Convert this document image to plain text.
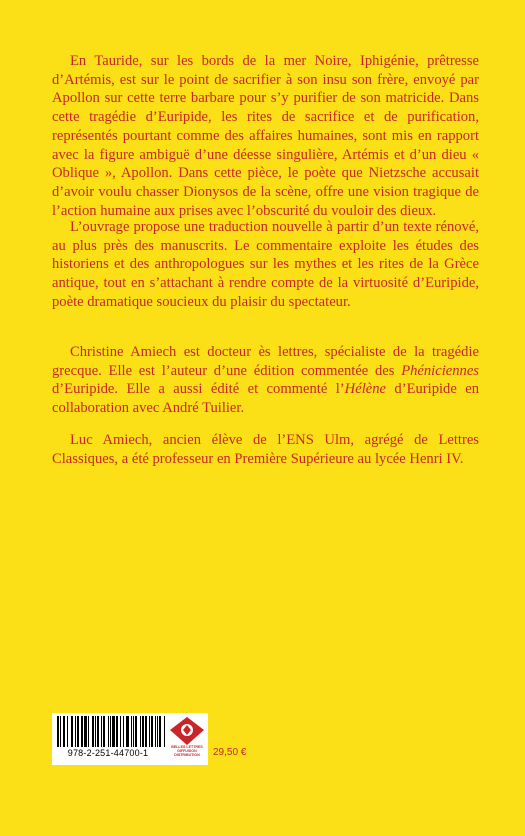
En Tauride, sur les bords de la mer Noire, Iphigénie, prêtresse d’Artémis, est sur le point de sacrifier à son insu son frère, envoyé par Apollon sur cette terre barbare pour s’y purifier de son matricide. Dans cette tragédie d’Euripide, les rites de sacrifice et de purification, représentés pourtant comme des affaires humaines, sont mis en rapport avec la figure ambiguë d’une déesse singulière, Artémis et d’un dieu « Oblique », Apollon. Dans cette pièce, le poète que Nietzsche accusait d’avoir voulu chasser Dionysos de la scène, offre une vision tragique de l’action humaine aux prises avec l’obscurité du vouloir des dieux.

L’ouvrage propose une traduction nouvelle à partir d’un texte rénové, au plus près des manuscrits. Le commentaire exploite les études des historiens et des anthropologues sur les mythes et les rites de la Grèce antique, tout en s’attachant à rendre compte de la virtuosité d’Euripide, poète dramatique soucieux du plaisir du spectateur.

Christine Amiech est docteur ès lettres, spécialiste de la tragédie grecque. Elle est l’auteur d’une édition commentée des Phéniciennes d’Euripide. Elle a aussi édité et commenté l’Hélène d’Euripide en collaboration avec André Tuilier.

Luc Amiech, ancien élève de l’ENS Ulm, agrégé de Lettres Classiques, a été professeur en Première Supérieure au lycée Henri IV.

978-2-251-44700-1
BELLES LETTRES
DIFFUSION
DISTRIBUTION	29,50 €
